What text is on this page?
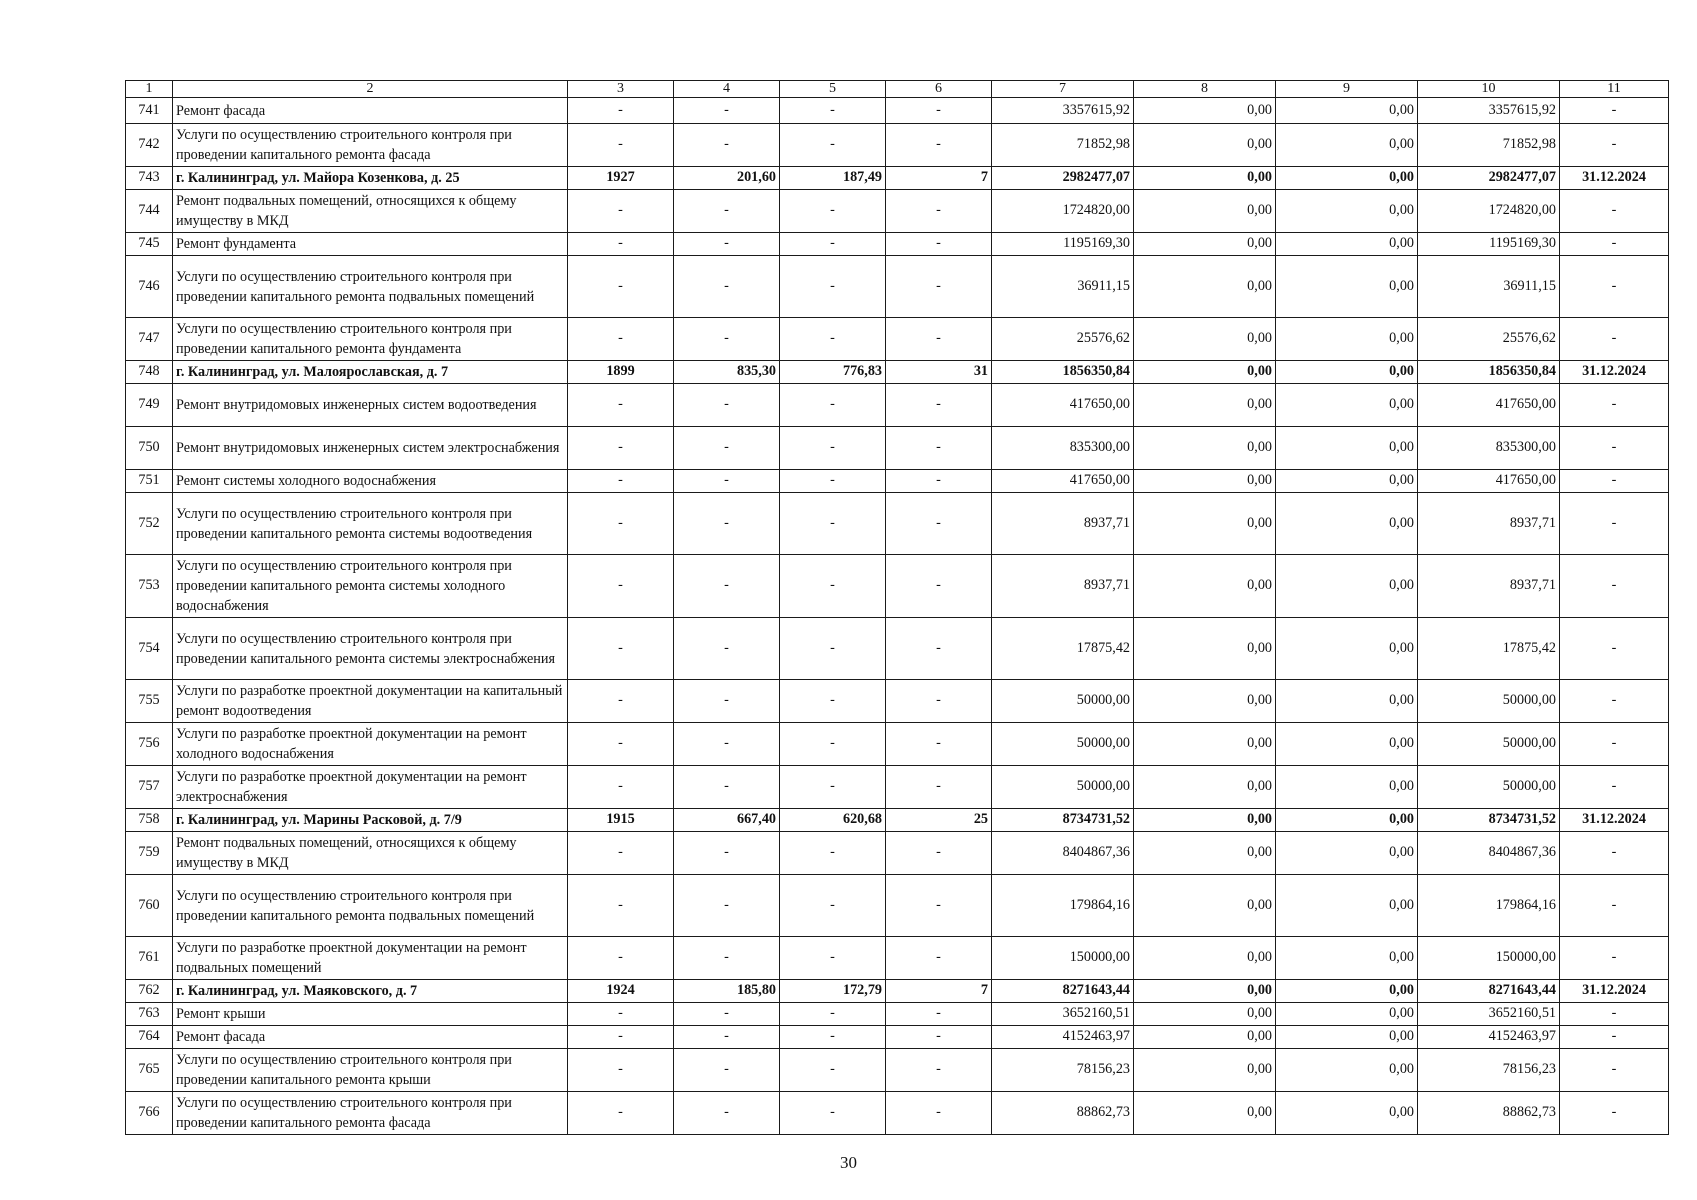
1	2	3	4	5	6	7	8	9	10	11
741	Ремонт фасада	-	-	-	-	3357615,92	0,00	0,00	3357615,92	-
742	Услуги по осуществлению строительного контроля при проведении капитального ремонта фасада	-	-	-	-	71852,98	0,00	0,00	71852,98	-
743	г. Калининград, ул. Майора Козенкова, д. 25	1927	201,60	187,49	7	2982477,07	0,00	0,00	2982477,07	31.12.2024
744	Ремонт подвальных помещений, относящихся к общему имуществу в МКД	-	-	-	-	1724820,00	0,00	0,00	1724820,00	-
745	Ремонт фундамента	-	-	-	-	1195169,30	0,00	0,00	1195169,30	-
746	Услуги по осуществлению строительного контроля при проведении капитального ремонта подвальных помещений	-	-	-	-	36911,15	0,00	0,00	36911,15	-
747	Услуги по осуществлению строительного контроля при проведении капитального ремонта фундамента	-	-	-	-	25576,62	0,00	0,00	25576,62	-
748	г. Калининград, ул. Малоярославская, д. 7	1899	835,30	776,83	31	1856350,84	0,00	0,00	1856350,84	31.12.2024
749	Ремонт внутридомовых инженерных систем водоотведения	-	-	-	-	417650,00	0,00	0,00	417650,00	-
750	Ремонт внутридомовых инженерных систем электроснабжения	-	-	-	-	835300,00	0,00	0,00	835300,00	-
751	Ремонт системы холодного водоснабжения	-	-	-	-	417650,00	0,00	0,00	417650,00	-
752	Услуги по осуществлению строительного контроля при проведении капитального ремонта системы водоотведения	-	-	-	-	8937,71	0,00	0,00	8937,71	-
753	Услуги по осуществлению строительного контроля при проведении капитального ремонта системы холодного водоснабжения	-	-	-	-	8937,71	0,00	0,00	8937,71	-
754	Услуги по осуществлению строительного контроля при проведении капитального ремонта системы электроснабжения	-	-	-	-	17875,42	0,00	0,00	17875,42	-
755	Услуги по разработке проектной документации на капитальный ремонт водоотведения	-	-	-	-	50000,00	0,00	0,00	50000,00	-
756	Услуги по разработке проектной документации на ремонт холодного водоснабжения	-	-	-	-	50000,00	0,00	0,00	50000,00	-
757	Услуги по разработке проектной документации на ремонт электроснабжения	-	-	-	-	50000,00	0,00	0,00	50000,00	-
758	г. Калининград, ул. Марины Расковой, д. 7/9	1915	667,40	620,68	25	8734731,52	0,00	0,00	8734731,52	31.12.2024
759	Ремонт подвальных помещений, относящихся к общему имуществу в МКД	-	-	-	-	8404867,36	0,00	0,00	8404867,36	-
760	Услуги по осуществлению строительного контроля при проведении капитального ремонта подвальных помещений	-	-	-	-	179864,16	0,00	0,00	179864,16	-
761	Услуги по разработке проектной документации на ремонт подвальных помещений	-	-	-	-	150000,00	0,00	0,00	150000,00	-
762	г. Калининград, ул. Маяковского, д. 7	1924	185,80	172,79	7	8271643,44	0,00	0,00	8271643,44	31.12.2024
763	Ремонт крыши	-	-	-	-	3652160,51	0,00	0,00	3652160,51	-
764	Ремонт фасада	-	-	-	-	4152463,97	0,00	0,00	4152463,97	-
765	Услуги по осуществлению строительного контроля при проведении капитального ремонта крыши	-	-	-	-	78156,23	0,00	0,00	78156,23	-
766	Услуги по осуществлению строительного контроля при проведении капитального ремонта фасада	-	-	-	-	88862,73	0,00	0,00	88862,73	-
30
